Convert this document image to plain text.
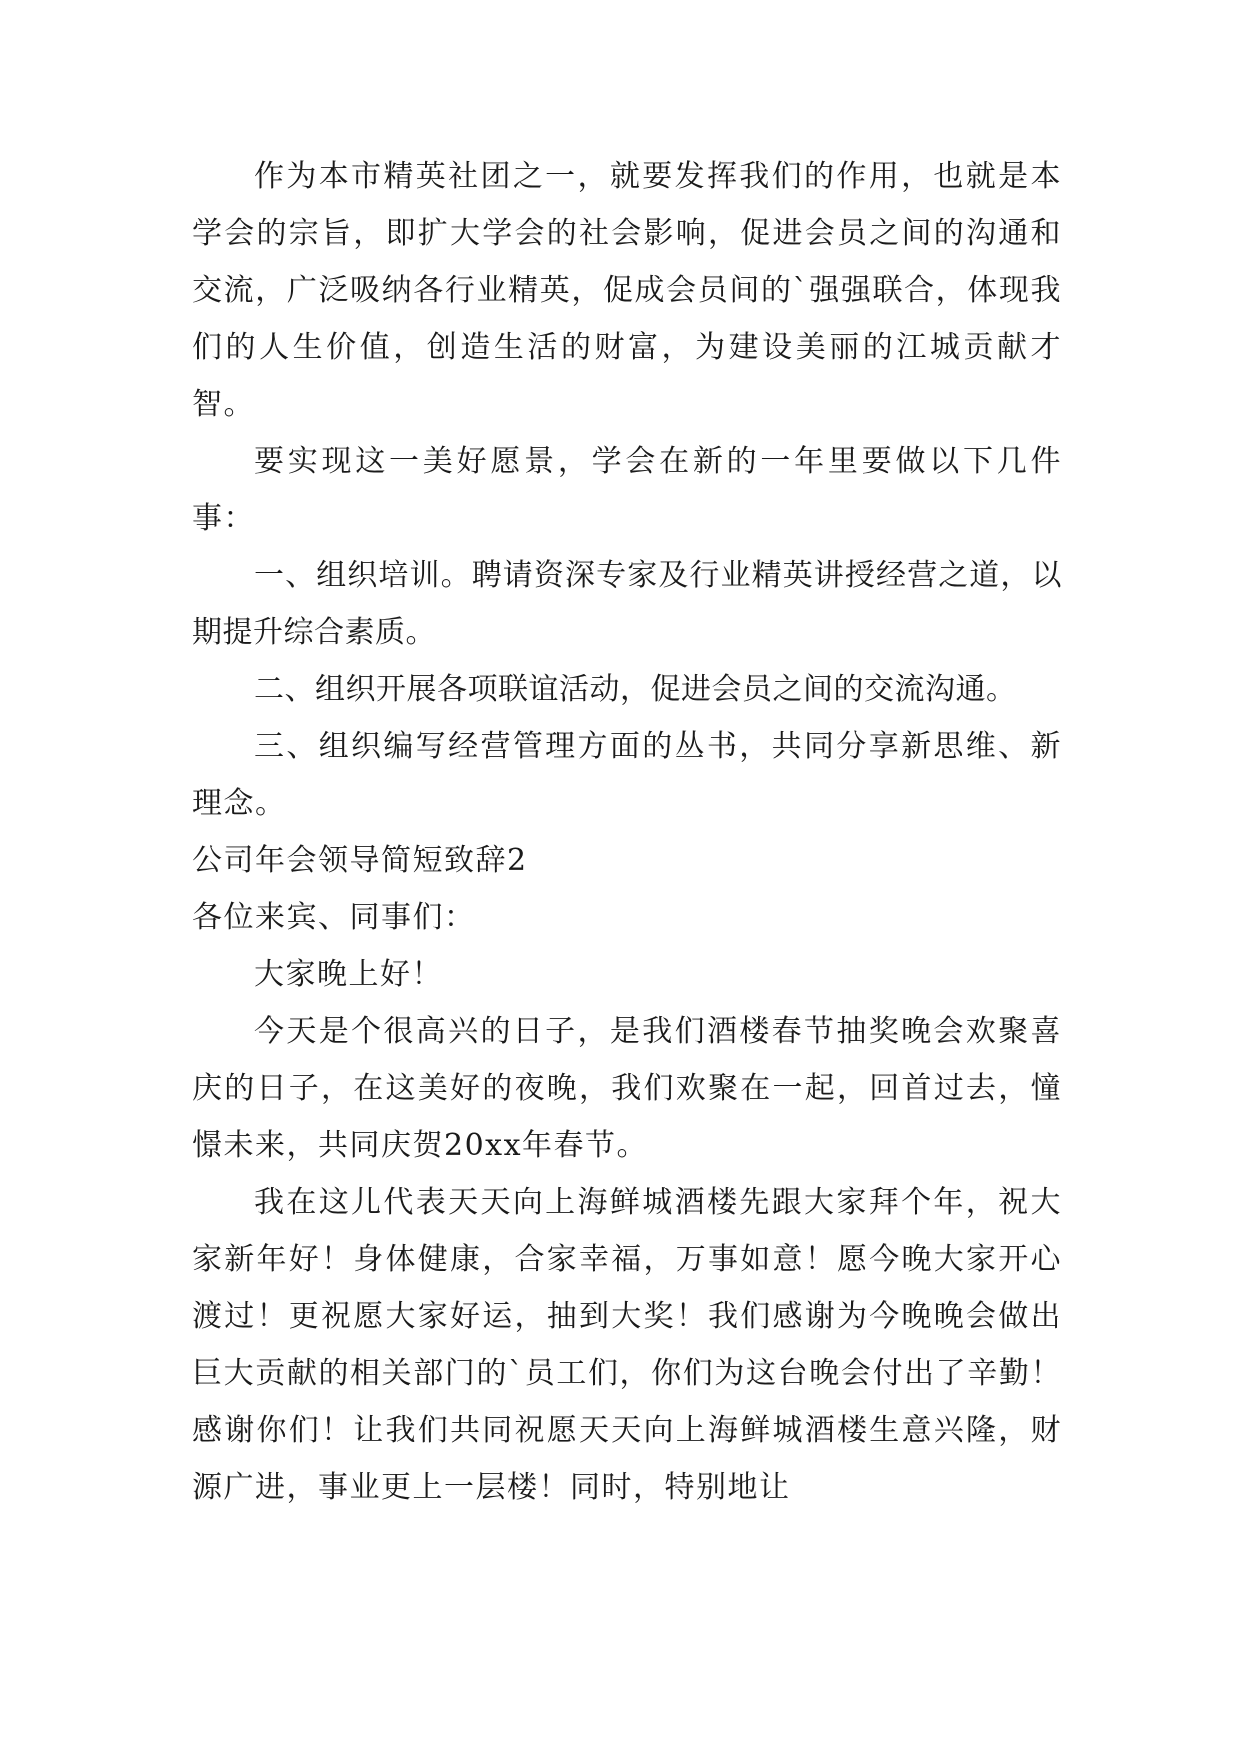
作为本市精英社团之一，就要发挥我们的作用，也就是本学会的宗旨，即扩大学会的社会影响，促进会员之间的沟通和交流，广泛吸纳各行业精英，促成会员间的`强强联合，体现我们的人生价值，创造生活的财富，为建设美丽的江城贡献才智。

要实现这一美好愿景，学会在新的一年里要做以下几件事：

一、组织培训。聘请资深专家及行业精英讲授经营之道，以期提升综合素质。

二、组织开展各项联谊活动，促进会员之间的交流沟通。

三、组织编写经营管理方面的丛书，共同分享新思维、新理念。

公司年会领导简短致辞2

各位来宾、同事们：

大家晚上好！

今天是个很高兴的日子，是我们酒楼春节抽奖晚会欢聚喜庆的日子，在这美好的夜晚，我们欢聚在一起，回首过去，憧憬未来，共同庆贺20xx年春节。

我在这儿代表天天向上海鲜城酒楼先跟大家拜个年，祝大家新年好！身体健康，合家幸福，万事如意！愿今晚大家开心渡过！更祝愿大家好运，抽到大奖！我们感谢为今晚晚会做出巨大贡献的相关部门的`员工们，你们为这台晚会付出了辛勤！感谢你们！让我们共同祝愿天天向上海鲜城酒楼生意兴隆，财源广进，事业更上一层楼！同时，特别地让
